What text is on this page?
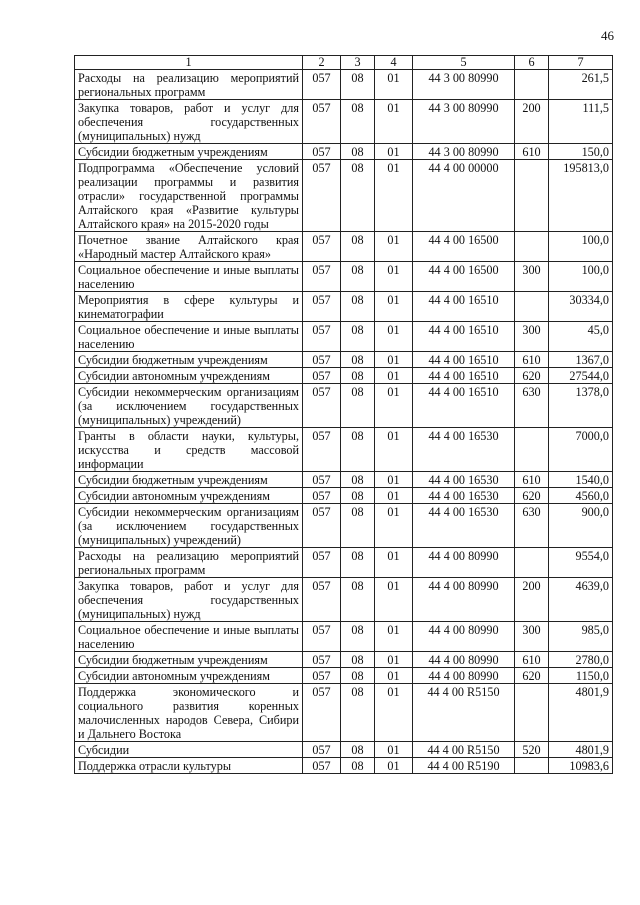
46
1	2	3	4	5	6	7
Расходы на реализацию мероприятий региональных программ	057	08	01	44 3 00 80990		261,5
Закупка товаров, работ и услуг для обеспечения государственных (муниципальных) нужд	057	08	01	44 3 00 80990	200	111,5
Субсидии бюджетным учреждениям	057	08	01	44 3 00 80990	610	150,0
Подпрограмма «Обеспечение условий реализации программы и развития отрасли» государственной программы Алтайского края «Развитие культуры Алтайского края» на 2015-2020 годы	057	08	01	44 4 00 00000		195813,0
Почетное звание Алтайского края «Народный мастер Алтайского края»	057	08	01	44 4 00 16500		100,0
Социальное обеспечение и иные выплаты населению	057	08	01	44 4 00 16500	300	100,0
Мероприятия в сфере культуры и кинематографии	057	08	01	44 4 00 16510		30334,0
Социальное обеспечение и иные выплаты населению	057	08	01	44 4 00 16510	300	45,0
Субсидии бюджетным учреждениям	057	08	01	44 4 00 16510	610	1367,0
Субсидии автономным учреждениям	057	08	01	44 4 00 16510	620	27544,0
Субсидии некоммерческим организациям (за исключением государственных (муниципальных) учреждений)	057	08	01	44 4 00 16510	630	1378,0
Гранты в области науки, культуры, искусства и средств массовой информации	057	08	01	44 4 00 16530		7000,0
Субсидии бюджетным учреждениям	057	08	01	44 4 00 16530	610	1540,0
Субсидии автономным учреждениям	057	08	01	44 4 00 16530	620	4560,0
Субсидии некоммерческим организациям (за исключением государственных (муниципальных) учреждений)	057	08	01	44 4 00 16530	630	900,0
Расходы на реализацию мероприятий региональных программ	057	08	01	44 4 00 80990		9554,0
Закупка товаров, работ и услуг для обеспечения государственных (муниципальных) нужд	057	08	01	44 4 00 80990	200	4639,0
Социальное обеспечение и иные выплаты населению	057	08	01	44 4 00 80990	300	985,0
Субсидии бюджетным учреждениям	057	08	01	44 4 00 80990	610	2780,0
Субсидии автономным учреждениям	057	08	01	44 4 00 80990	620	1150,0
Поддержка экономического и социального развития коренных малочисленных народов Севера, Сибири и Дальнего Востока	057	08	01	44 4 00 R5150		4801,9
Субсидии	057	08	01	44 4 00 R5150	520	4801,9
Поддержка отрасли культуры	057	08	01	44 4 00 R5190		10983,6
